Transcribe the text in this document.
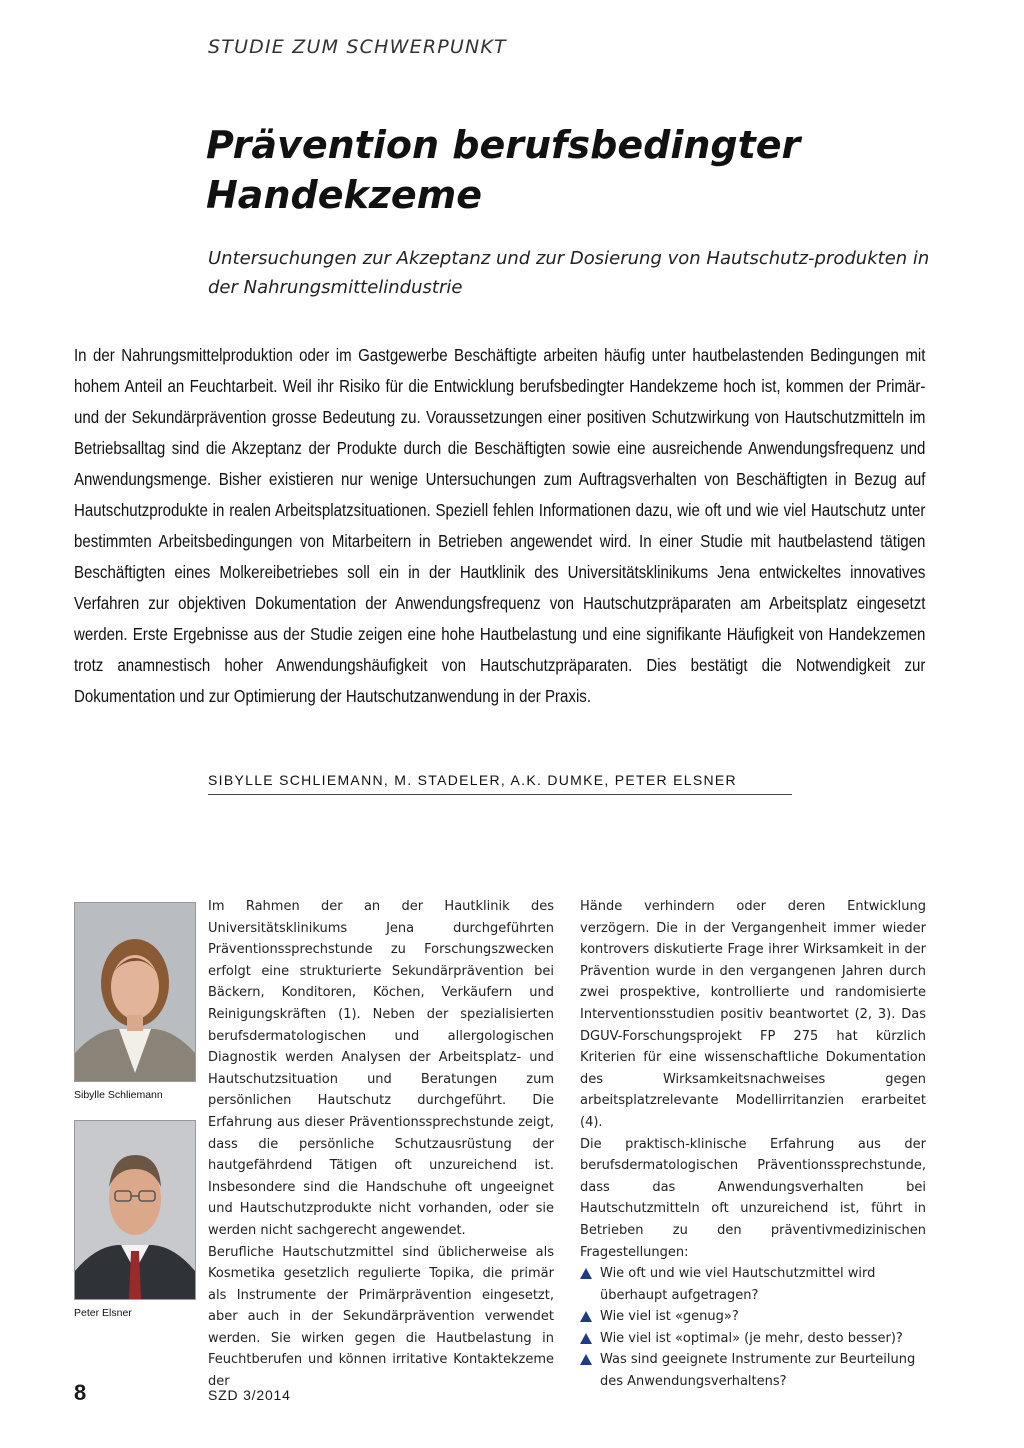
STUDIE ZUM SCHWERPUNKT
Prävention berufsbedingter Handekzeme
Untersuchungen zur Akzeptanz und zur Dosierung von Hautschutz-produkten in der Nahrungsmittelindustrie
In der Nahrungsmittelproduktion oder im Gastgewerbe Beschäftigte arbeiten häufig unter hautbelastenden Bedingungen mit hohem Anteil an Feuchtarbeit. Weil ihr Risiko für die Entwicklung berufsbedingter Handekzeme hoch ist, kommen der Primär- und der Sekundärprävention grosse Bedeutung zu. Voraussetzungen einer positiven Schutzwirkung von Hautschutzmitteln im Betriebsalltag sind die Akzeptanz der Produkte durch die Beschäftigten sowie eine ausreichende Anwendungsfrequenz und Anwendungsmenge. Bisher existieren nur wenige Untersuchungen zum Auftragsverhalten von Beschäftigten in Bezug auf Hautschutzprodukte in realen Arbeitsplatzsituationen. Speziell fehlen Informationen dazu, wie oft und wie viel Hautschutz unter bestimmten Arbeitsbedingungen von Mitarbeitern in Betrieben angewendet wird. In einer Studie mit hautbelastend tätigen Beschäftigten eines Molkereibetriebes soll ein in der Hautklinik des Universitätsklinikums Jena entwickeltes innovatives Verfahren zur objektiven Dokumentation der Anwendungsfrequenz von Hautschutzpräparaten am Arbeitsplatz eingesetzt werden. Erste Ergebnisse aus der Studie zeigen eine hohe Hautbelastung und eine signifikante Häufigkeit von Handekzemen trotz anamnestisch hoher Anwendungshäufigkeit von Hautschutzpräparaten. Dies bestätigt die Notwendigkeit zur Dokumentation und zur Optimierung der Hautschutzanwendung in der Praxis.
SIBYLLE SCHLIEMANN, M. STADELER, A.K. DUMKE, PETER ELSNER
Sibylle Schliemann
Peter Elsner

Im Rahmen der an der Hautklinik des Universitätsklinikums Jena durchgeführten Präventionssprechstunde zu Forschungszwecken erfolgt eine strukturierte Sekundärprävention bei Bäckern, Konditoren, Köchen, Verkäufern und Reinigungskräften (1). Neben der spezialisierten berufsdermatologischen und allergologischen Diagnostik werden Analysen der Arbeitsplatz- und Hautschutzsituation und Beratungen zum persönlichen Hautschutz durchgeführt. Die Erfahrung aus dieser Präventionssprechstunde zeigt, dass die persönliche Schutzausrüstung der hautgefährdend Tätigen oft unzureichend ist. Insbesondere sind die Handschuhe oft ungeeignet und Hautschutzprodukte nicht vorhanden, oder sie werden nicht sachgerecht angewendet.

Berufliche Hautschutzmittel sind üblicherweise als Kosmetika gesetzlich regulierte Topika, die primär als Instrumente der Primärprävention eingesetzt, aber auch in der Sekundärprävention verwendet werden. Sie wirken gegen die Hautbelastung in Feuchtberufen und können irritative Kontaktekzeme der

Hände verhindern oder deren Entwicklung verzögern. Die in der Vergangenheit immer wieder kontrovers diskutierte Frage ihrer Wirksamkeit in der Prävention wurde in den vergangenen Jahren durch zwei prospektive, kontrollierte und randomisierte Interventionsstudien positiv beantwortet (2, 3). Das DGUV-Forschungsprojekt FP 275 hat kürzlich Kriterien für eine wissenschaftliche Dokumentation des Wirksamkeitsnachweises gegen arbeitsplatzrelevante Modellirritanzien erarbeitet (4).

Die praktisch-klinische Erfahrung aus der berufsdermatologischen Präventionssprechstunde, dass das Anwendungsverhalten bei Hautschutzmitteln oft unzureichend ist, führt in Betrieben zu den präventivmedizinischen Fragestellungen:

Wie oft und wie viel Hautschutzmittel wird überhaupt aufgetragen?
Wie viel ist «genug»?
Wie viel ist «optimal» (je mehr, desto besser)?
Was sind geeignete Instrumente zur Beurteilung des Anwendungsverhaltens?
8	SZD 3/2014
